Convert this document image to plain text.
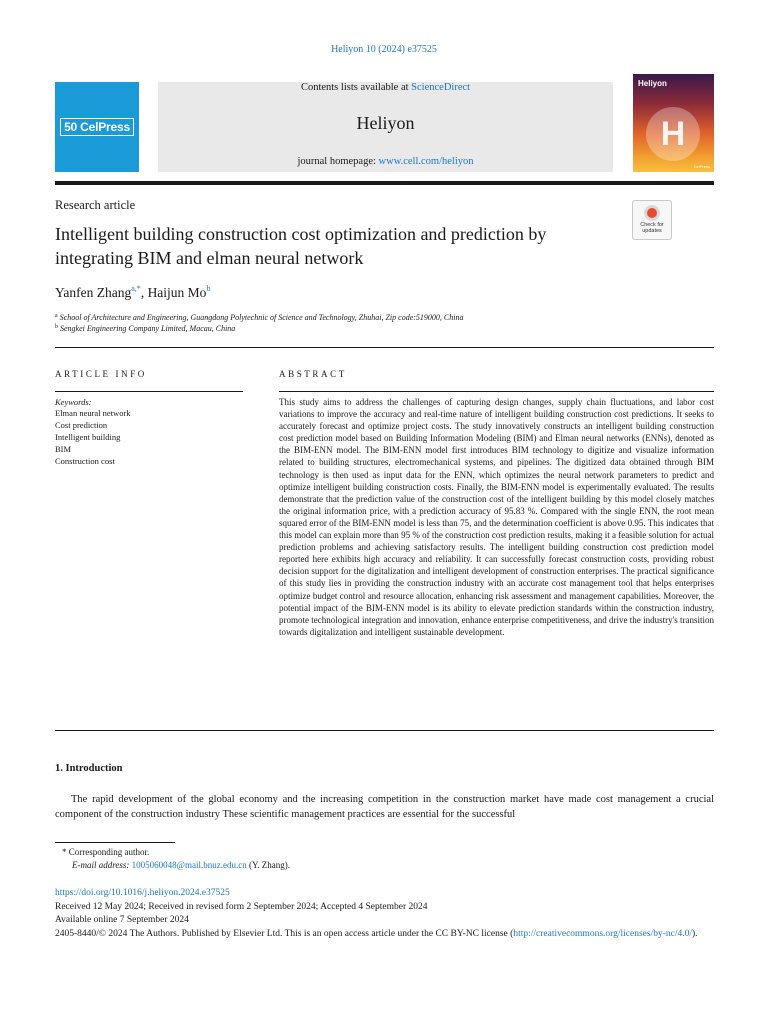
Heliyon 10 (2024) e37525
50 CelPress
Contents lists available at ScienceDirect
Heliyon
journal homepage: www.cell.com/heliyon
Heliyon
H
CelPress
Research article
Check for
updates
Intelligent building construction cost optimization and prediction by integrating BIM and elman neural network
Yanfen Zhang$^{a,*}$, Haijun Mo$^b$
$^a$ School of Architecture and Engineering, Guangdong Polytechnic of Science and Technology, Zhuhai, Zip code:519000, China
$^b$ Sengkei Engineering Company Limited, Macau, China
ARTICLE INFO	ABSTRACT
Keywords:
Elman neural network
Cost prediction
Intelligent building
BIM
Construction cost
This study aims to address the challenges of capturing design changes, supply chain fluctuations, and labor cost variations to improve the accuracy and real-time nature of intelligent building construction cost predictions. It seeks to accurately forecast and optimize project costs. The study innovatively constructs an intelligent building construction cost prediction model based on Building Information Modeling (BIM) and Elman neural networks (ENNs), denoted as the BIM-ENN model. The BIM-ENN model first introduces BIM technology to digitize and visualize information related to building structures, electromechanical systems, and pipelines. The digitized data obtained through BIM technology is then used as input data for the ENN, which optimizes the neural network parameters to predict and optimize intelligent building construction costs. Finally, the BIM-ENN model is experimentally evaluated. The results demonstrate that the prediction value of the construction cost of the intelligent building by this model closely matches the original information price, with a prediction accuracy of 95.83 %. Compared with the single ENN, the root mean squared error of the BIM-ENN model is less than 75, and the determination coefficient is above 0.95. This indicates that this model can explain more than 95 % of the construction cost prediction results, making it a feasible solution for actual prediction problems and achieving satisfactory results. The intelligent building construction cost prediction model reported here exhibits high accuracy and reliability. It can successfully forecast construction costs, providing robust decision support for the digitalization and intelligent development of construction enterprises. The practical significance of this study lies in providing the construction industry with an accurate cost management tool that helps enterprises optimize budget control and resource allocation, enhancing risk assessment and management capabilities. Moreover, the potential impact of the BIM-ENN model is its ability to elevate prediction standards within the construction industry, promote technological integration and innovation, enhance enterprise competitiveness, and drive the industry's transition towards digitalization and intelligent sustainable development.
1. Introduction
The rapid development of the global economy and the increasing competition in the construction market have made cost management a crucial component of the construction industry These scientific management practices are essential for the successful
* Corresponding author.
E-mail address: 1005060048@mail.bnuz.edu.cn (Y. Zhang).
https://doi.org/10.1016/j.heliyon.2024.e37525
Received 12 May 2024; Received in revised form 2 September 2024; Accepted 4 September 2024
Available online 7 September 2024
2405-8440/© 2024 The Authors. Published by Elsevier Ltd. This is an open access article under the CC BY-NC license (http://creativecommons.org/licenses/by-nc/4.0/).
